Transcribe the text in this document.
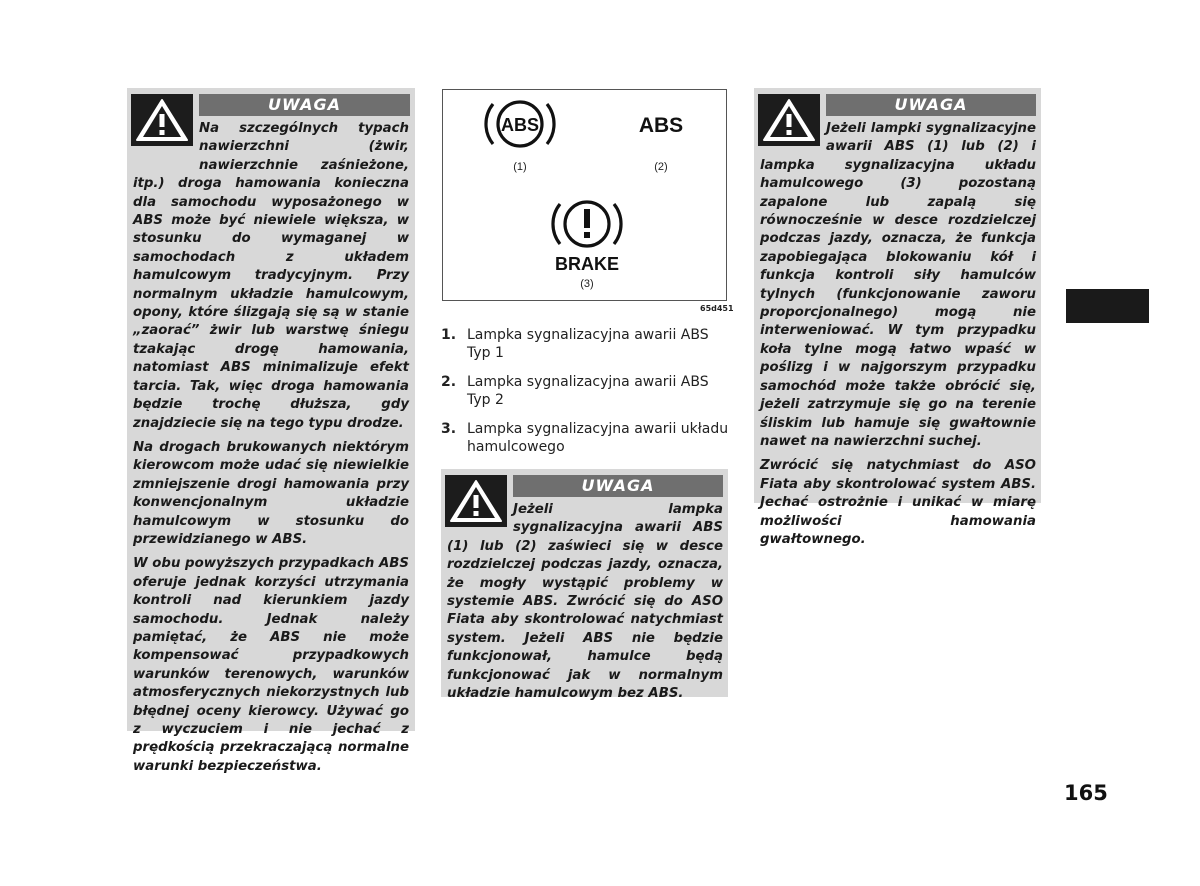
UWAGA

Na szczególnych typach nawierzchni (żwir, nawierzchnie zaśnieżone, itp.) droga hamowania konieczna dla samochodu wyposażonego w ABS może być niewiele większa, w stosunku do wymaganej w samochodach z układem hamulcowym tradycyjnym. Przy normalnym układzie hamulcowym, opony, które ślizgają się są w stanie „zaorać” żwir lub warstwę śniegu tzakając drogę hamowania, natomiast ABS minimalizuje efekt tarcia. Tak, więc droga hamowania będzie trochę dłuższa, gdy znajdziecie się na tego typu drodze.

Na drogach brukowanych niektórym kierowcom może udać się niewielkie zmniejszenie drogi hamowania przy konwencjonalnym układzie hamulcowym w stosunku do przewidzianego w ABS.

W obu powyższych przypadkach ABS oferuje jednak korzyści utrzymania kontroli nad kierunkiem jazdy samochodu. Jednak należy pamiętać, że ABS nie może kompensować przypadkowych warunków terenowych, warunków atmosferycznych niekorzystnych lub błędnej oceny kierowcy. Używać go z wyczuciem i nie jechać z prędkością przekraczającą normalne warunki bezpieczeństwa.

ABS
(1)
ABS
(2)
BRAKE
(3)
65d451
1. Lampka sygnalizacyjna awarii ABS Typ 1
2. Lampka sygnalizacyjna awarii ABS Typ 2
3. Lampka sygnalizacyjna awarii układu hamulcowego
UWAGA

Jeżeli lampka sygnalizacyjna awarii ABS (1) lub (2) zaświeci się w desce rozdzielczej podczas jazdy, oznacza, że mogły wystąpić problemy w systemie ABS. Zwrócić się do ASO Fiata aby skontrolować natychmiast system. Jeżeli ABS nie będzie funkcjonował, hamulce będą funkcjonować jak w normalnym układzie hamulcowym bez ABS.

UWAGA

Jeżeli lampki sygnalizacyjne awarii ABS (1) lub (2) i lampka sygnalizacyjna układu hamulcowego (3) pozostaną zapalone lub zapalą się równocześnie w desce rozdzielczej podczas jazdy, oznacza, że funkcja zapobiegająca blokowaniu kół i funkcja kontroli siły hamulców tylnych (funkcjonowanie zaworu proporcjonalnego) mogą nie interweniować. W tym przypadku koła tylne mogą łatwo wpaść w poślizg i w najgorszym przypadku samochód może także obrócić się, jeżeli zatrzymuje się go na terenie śliskim lub hamuje się gwałtownie nawet na nawierzchni suchej.

Zwrócić się natychmiast do ASO Fiata aby skontrolować system ABS. Jechać ostrożnie i unikać w miarę możliwości hamowania gwałtownego.

165
